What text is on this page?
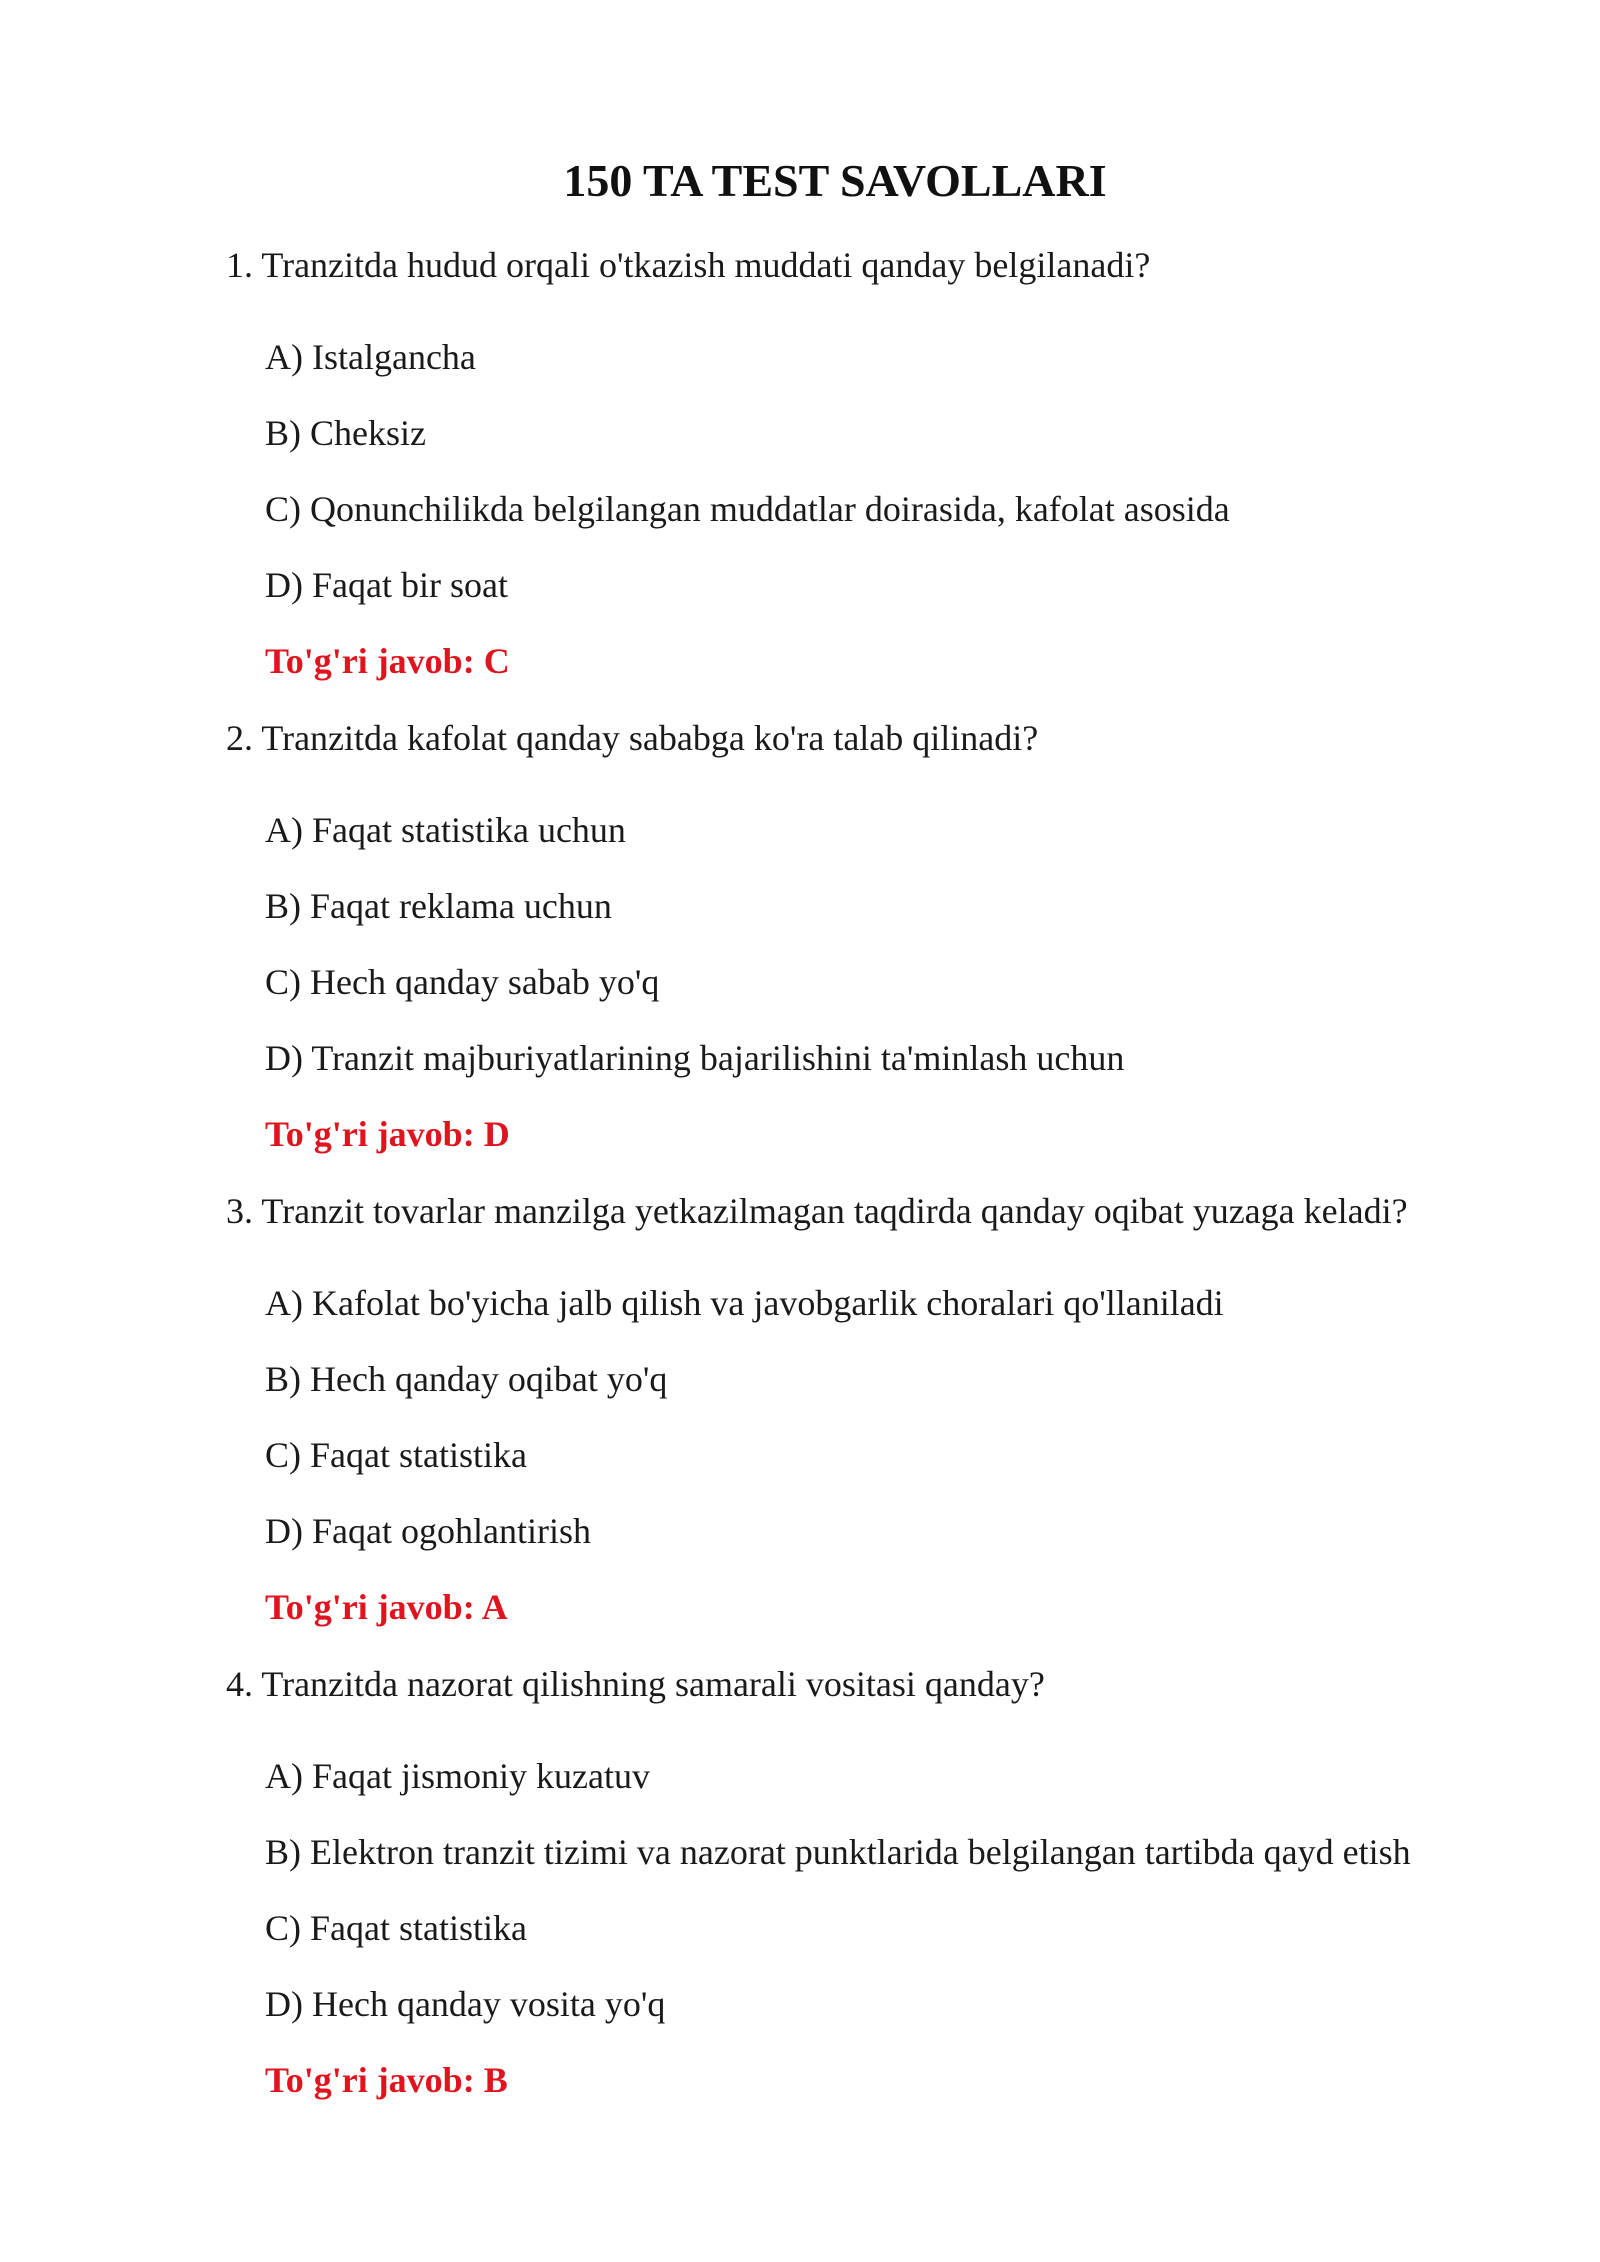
150 TA TEST SAVOLLARI
1. Tranzitda hudud orqali o'tkazish muddati qanday belgilanadi?
A) Istalgancha
B) Cheksiz
C) Qonunchilikda belgilangan muddatlar doirasida, kafolat asosida
D) Faqat bir soat
To'g'ri javob: C
2. Tranzitda kafolat qanday sababga ko'ra talab qilinadi?
A) Faqat statistika uchun
B) Faqat reklama uchun
C) Hech qanday sabab yo'q
D) Tranzit majburiyatlarining bajarilishini ta'minlash uchun
To'g'ri javob: D
3. Tranzit tovarlar manzilga yetkazilmagan taqdirda qanday oqibat yuzaga keladi?
A) Kafolat bo'yicha jalb qilish va javobgarlik choralari qo'llaniladi
B) Hech qanday oqibat yo'q
C) Faqat statistika
D) Faqat ogohlantirish
To'g'ri javob: A
4. Tranzitda nazorat qilishning samarali vositasi qanday?
A) Faqat jismoniy kuzatuv
B) Elektron tranzit tizimi va nazorat punktlarida belgilangan tartibda qayd etish
C) Faqat statistika
D) Hech qanday vosita yo'q
To'g'ri javob: B
